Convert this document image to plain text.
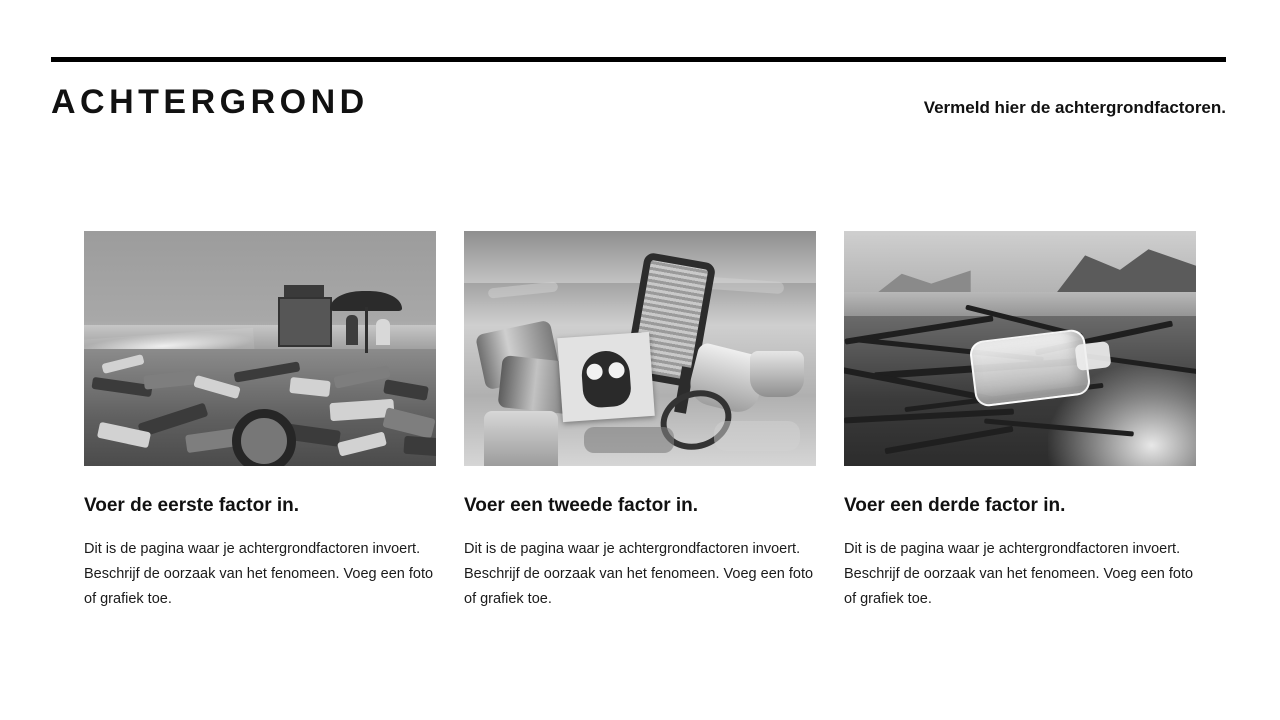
ACHTERGROND	Vermeld hier de achtergrondfactoren.
Voer de eerste factor in.

Dit is de pagina waar je achtergrondfactoren invoert. Beschrijf de oorzaak van het fenomeen. Voeg een foto of grafiek toe.

Voer een tweede factor in.

Dit is de pagina waar je achtergrondfactoren invoert. Beschrijf de oorzaak van het fenomeen. Voeg een foto of grafiek toe.

Voer een derde factor in.

Dit is de pagina waar je achtergrondfactoren invoert. Beschrijf de oorzaak van het fenomeen. Voeg een foto of grafiek toe.
